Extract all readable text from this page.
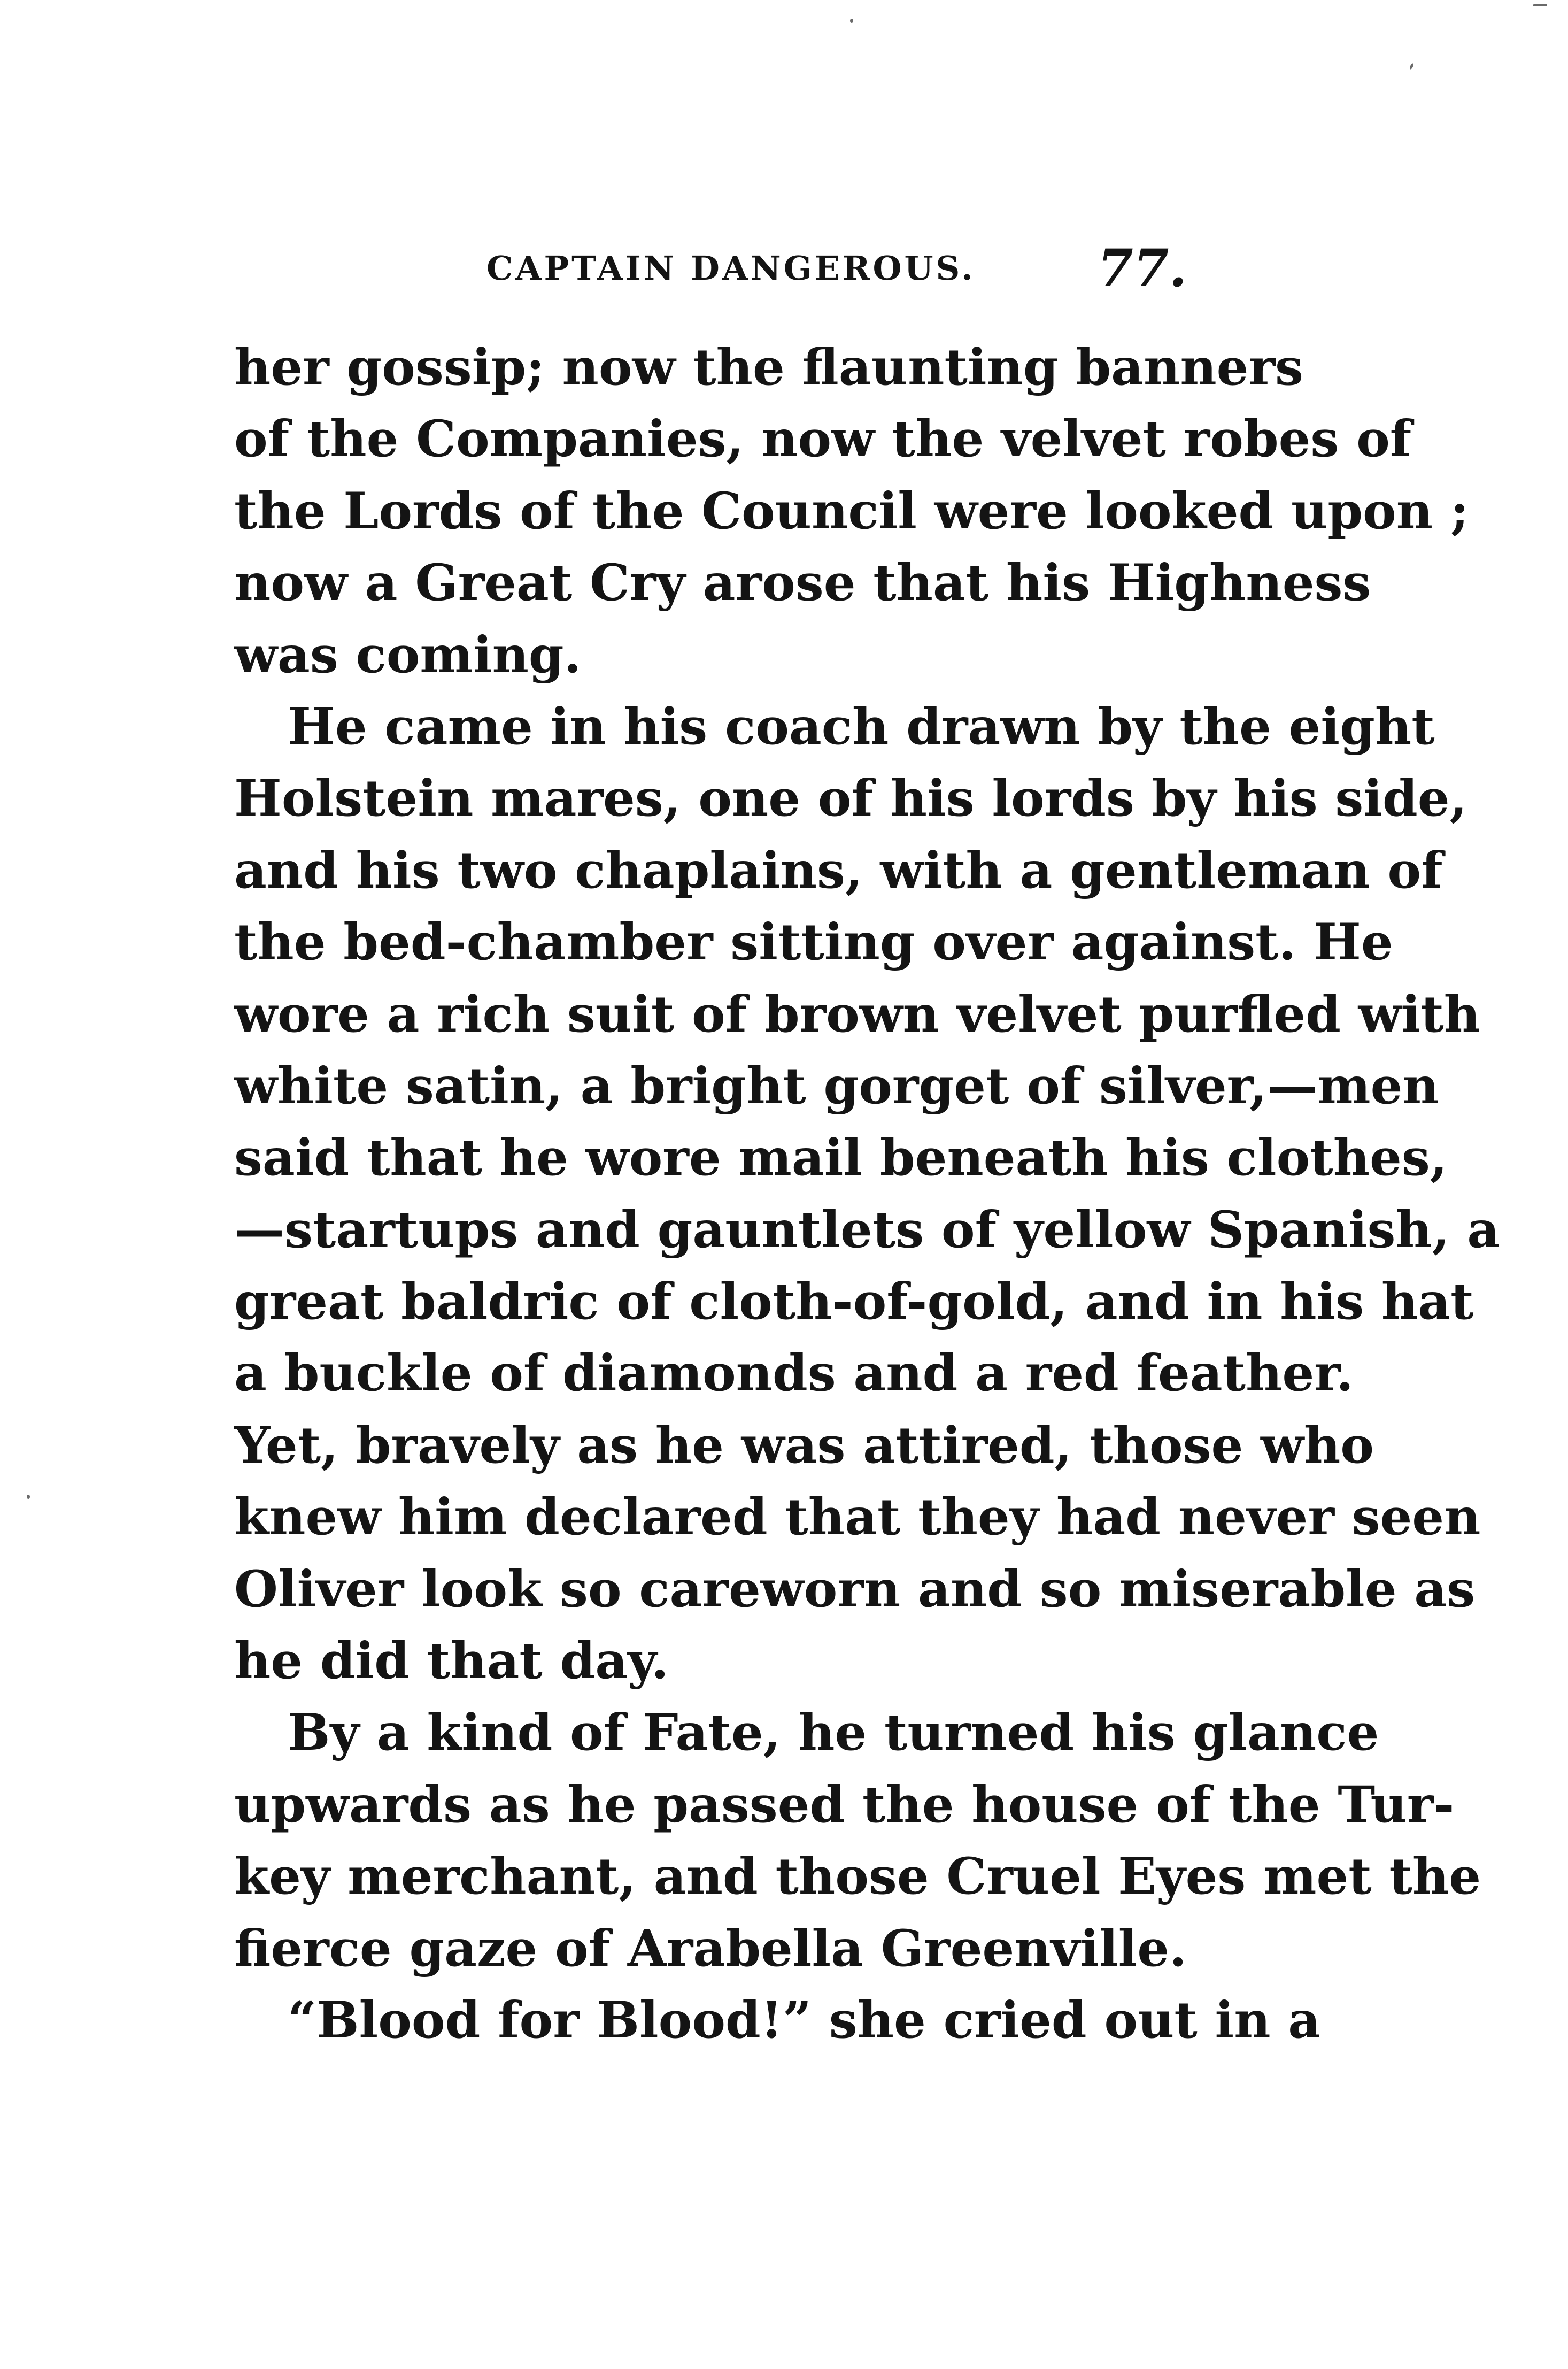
CAPTAIN DANGEROUS. 77.
her gossip; now the flaunting banners
of the Companies, now the velvet robes of
the Lords of the Council were looked upon ;
now a Great Cry arose that his Highness
was coming.
He came in his coach drawn by the eight
Holstein mares, one of his lords by his side,
and his two chaplains, with a gentleman of
the bed-chamber sitting over against. He
wore a rich suit of brown velvet purfled with
white satin, a bright gorget of silver,—men
said that he wore mail beneath his clothes,
—startups and gauntlets of yellow Spanish, a
great baldric of cloth-of-gold, and in his hat
a buckle of diamonds and a red feather.
Yet, bravely as he was attired, those who
knew him declared that they had never seen
Oliver look so careworn and so miserable as
he did that day.
By a kind of Fate, he turned his glance
upwards as he passed the house of the Tur-
key merchant, and those Cruel Eyes met the
fierce gaze of Arabella Greenville.
“Blood for Blood!” she cried out in a
